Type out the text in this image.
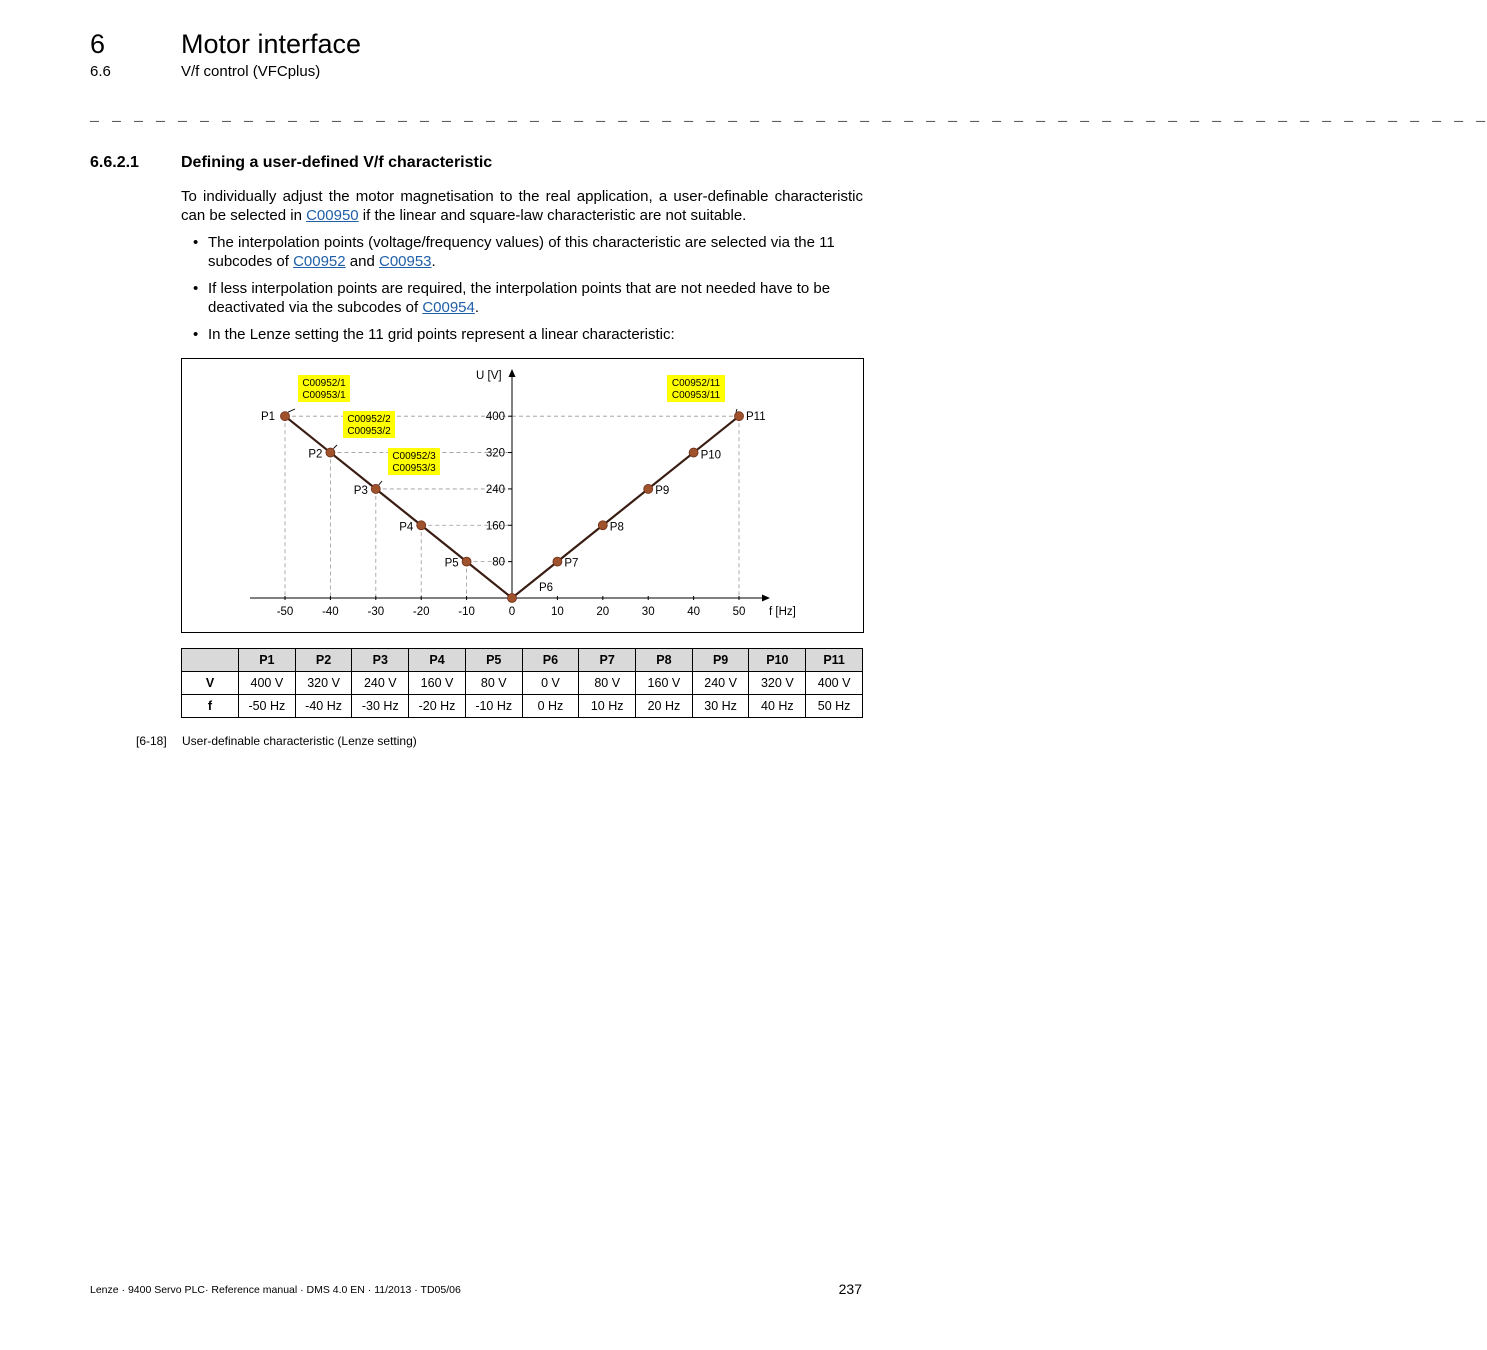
6	Motor interface
6.6	V/f control (VFCplus)
_ _ _ _ _ _ _ _ _ _ _ _ _ _ _ _ _ _ _ _ _ _ _ _ _ _ _ _ _ _ _ _ _ _ _ _ _ _ _ _ _ _ _ _ _ _ _ _ _ _ _ _ _ _ _ _ _ _ _ _ _ _ _ _
6.6.2.1	Defining a user-defined V/f characteristic
To individually adjust the motor magnetisation to the real application, a user-definable characteristic can be selected in C00950 if the linear and square-law characteristic are not suitable.
• The interpolation points (voltage/frequency values) of this characteristic are selected via the 11 subcodes of C00952 and C00953.
• If less interpolation points are required, the interpolation points that are not needed have to be deactivated via the subcodes of C00954.
• In the Lenze setting the 11 grid points represent a linear characteristic:
-50	-40	-30	-20	-10	0	10	20	30	40	50
80
160
240
320
400
f [Hz]
U [V]
P1
P2
P3
P4
P5
P6
P7
P8
P9
P10
P11
C00952/1
C00953/1
C00952/2
C00953/2
C00952/3
C00953/3
C00952/11
C00953/11
	P1	P2	P3	P4	P5	P6	P7	P8	P9	P10	P11
V	400 V	320 V	240 V	160 V	80 V	0 V	80 V	160 V	240 V	320 V	400 V
f	-50 Hz	-40 Hz	-30 Hz	-20 Hz	-10 Hz	0 Hz	10 Hz	20 Hz	30 Hz	40 Hz	50 Hz
[6-18] User-definable characteristic (Lenze setting)
Lenze · 9400 Servo PLC· Reference manual · DMS 4.0 EN · 11/2013 · TD05/06	237
